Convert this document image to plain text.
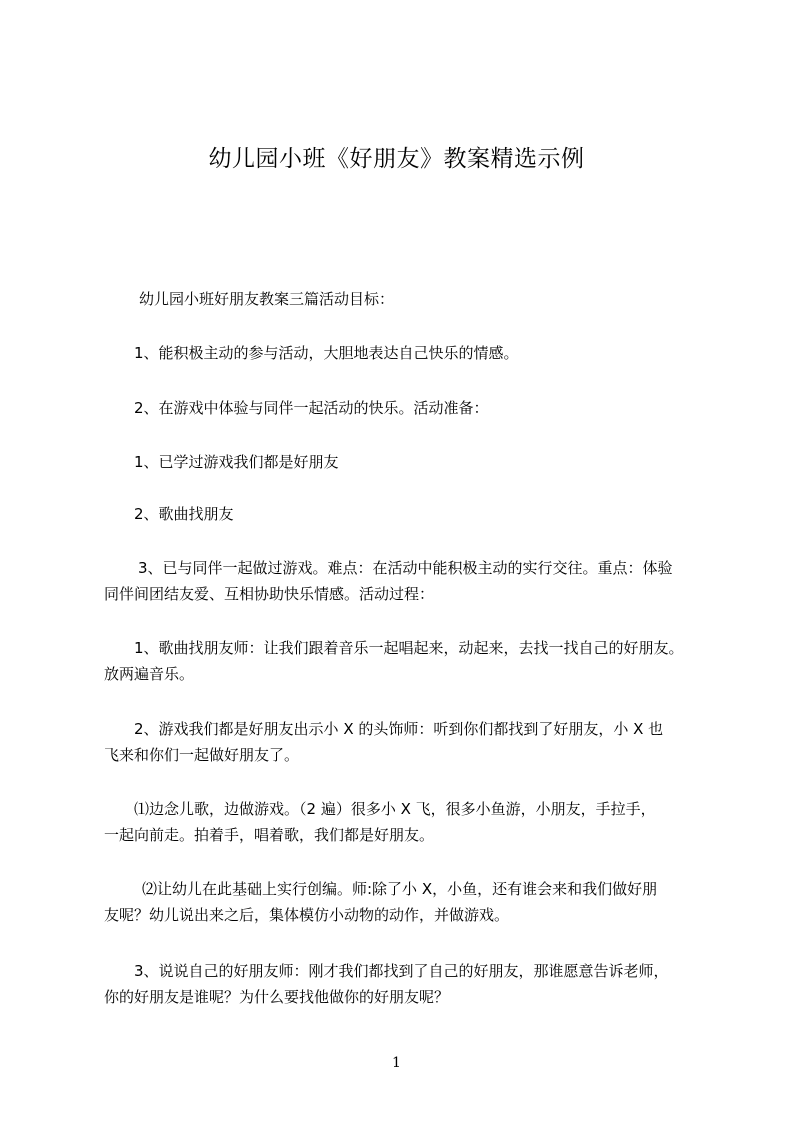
幼儿园小班《好朋友》教案精选示例

幼儿园小班好朋友教案三篇活动目标：

1、能积极主动的参与活动，大胆地表达自己快乐的情感。

2、在游戏中体验与同伴一起活动的快乐。活动准备：

1、已学过游戏我们都是好朋友

2、歌曲找朋友

3、已与同伴一起做过游戏。难点：在活动中能积极主动的实行交往。重点：体验
同伴间团结友爱、互相协助快乐情感。活动过程：

1、歌曲找朋友师：让我们跟着音乐一起唱起来，动起来，去找一找自己的好朋友。
放两遍音乐。

2、游戏我们都是好朋友出示小 X 的头饰师：听到你们都找到了好朋友，小 X 也
飞来和你们一起做好朋友了。

⑴边念儿歌，边做游戏。（2 遍）很多小 X 飞，很多小鱼游，小朋友，手拉手，
一起向前走。拍着手，唱着歌，我们都是好朋友。

⑵让幼儿在此基础上实行创编。师:除了小 X，小鱼，还有谁会来和我们做好朋
友呢？幼儿说出来之后，集体模仿小动物的动作，并做游戏。

3、说说自己的好朋友师：刚才我们都找到了自己的好朋友，那谁愿意告诉老师，
你的好朋友是谁呢？为什么要找他做你的好朋友呢？

1
